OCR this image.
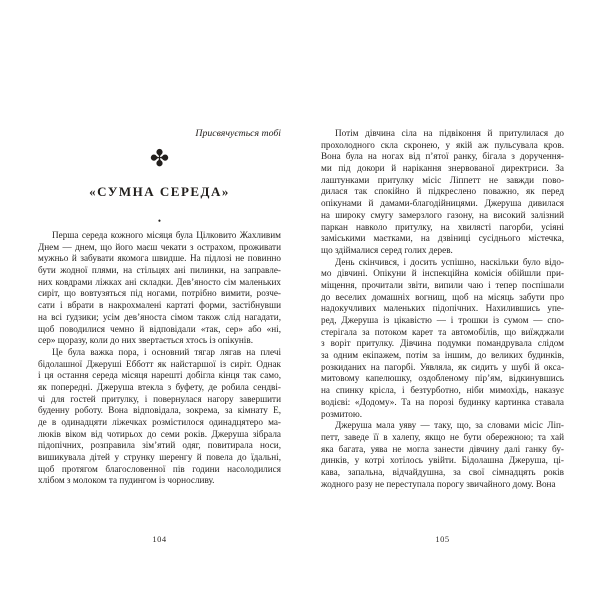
Присвячується тобі
✤
«СУМНА СЕРЕДА»
•
Перша середа кожного місяця була Цілковито Жахливим
Днем — днем, що його маєш чекати з острахом, проживати
мужньо й забувати якомога швидше. На підлозі не повинно
бути жодної плями, на стільцях ані пилинки, на заправле-
них ковдрами ліжках ані складки. Дев’яносто сім маленьких
сиріт, що вовтузяться під ногами, потрібно вимити, розче-
сати і вбрати в накрохмалені картаті форми, застібнувши
на всі ґудзики; усім дев’яноста сімом також слід нагадати,
щоб поводилися чемно й відповідали «так, сер» або «ні,
сер» щоразу, коли до них звертається хтось із опікунів.
Це була важка пора, і основний тягар лягав на плечі
бідолашної Джеруші Ебботт як найстаршої із сиріт. Однак
і ця остання середа місяця нарешті добігла кінця так само,
як попередні. Джеруша втекла з буфету, де робила сендві-
чі для гостей притулку, і повернулася нагору завершити
буденну роботу. Вона відповідала, зокрема, за кімнату Е,
де в одинадцяти ліжечках розмістилося одинадцятеро ма-
люків віком від чотирьох до семи років. Джеруша зібрала
підопічних, розправила зім’ятий одяг, повитирала носи,
вишикувала дітей у струнку шеренгу й повела до їдальні,
щоб протягом благословенної пів години насолодилися
хлібом з молоком та пудингом із чорносливу.
104
Потім дівчина сіла на підвіконня й притулилася до
прохолодного скла скронею, у якій аж пульсувала кров.
Вона була на ногах від п’ятої ранку, бігала з доручення-
ми під докори й нарікання знервованої директриси. За
лаштунками притулку місіс Ліппетт не завжди пово-
дилася так спокійно й підкреслено поважно, як перед
опікунами й дамами-благодійницями. Джеруша дивилася
на широку смугу замерзлого газону, на високий залізний
паркан навколо притулку, на хвилясті пагорби, усіяні
заміськими маєтками, на дзвіниці сусіднього містечка,
що здіймалися серед голих дерев.
День скінчився, і досить успішно, наскільки було відо-
мо дівчині. Опікуни й інспекційна комісія обійшли при-
міщення, прочитали звіти, випили чаю і тепер поспішали
до веселих домашніх вогнищ, щоб на місяць забути про
надокучливих маленьких підопічних. Нахилившись упе-
ред, Джеруша із цікавістю — і трошки із сумом — спо-
стерігала за потоком карет та автомобілів, що виїжджали
з воріт притулку. Дівчина подумки помандрувала слідом
за одним екіпажем, потім за іншим, до великих будинків,
розкиданих на пагорбі. Уявляла, як сидить у шубі й окса-
митовому капелюшку, оздобленому пір’ям, відкинувшись
на спинку крісла, і безтурботно, ніби мимохідь, наказує
водієві: «Додому». Та на порозі будинку картинка ставала
розмитою.
Джеруша мала уяву — таку, що, за словами місіс Ліп-
петт, заведе її в халепу, якщо не бути обережною; та хай
яка багата, уява не могла занести дівчину далі ганку бу-
динків, у котрі хотілось увійти. Бідолашна Джеруша, ці-
кава, запальна, відчайдушна, за свої сімнадцять років
жодного разу не переступала порогу звичайного дому. Вона
105
